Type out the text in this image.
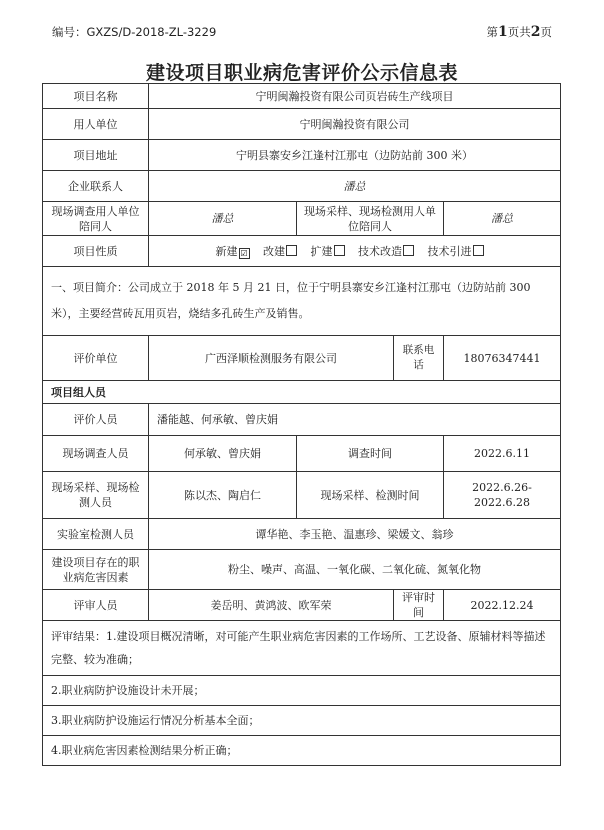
编号：GXZS/D-2018-ZL-3229	第1页共2页
建设项目职业病危害评价公示信息表
项目名称	宁明闽瀚投资有限公司页岩砖生产线项目			
用人单位	宁明闽瀚投资有限公司			
项目地址	宁明县寨安乡江逢村江那屯（边防站前 300 米）			
企业联系人	潘总			
现场调查用人单位陪同人	潘总	现场采样、现场检测用人单位陪同人		潘总
项目性质	新建 ☑ 改建 扩建 技术改造 技术引进			
一、项目简介：公司成立于 2018 年 5 月 21 日，位于宁明县寨安乡江逢村江那屯（边防站前 300 米），主要经营砖瓦用页岩，烧结多孔砖生产及销售。				
评价单位	广西泽顺检测服务有限公司		联系电话	18076347441
项目组人员				
评价人员	潘能越、何承敏、曾庆娟			
现场调查人员	何承敏、曾庆娟	调查时间		2022.6.11
现场采样、现场检测人员	陈以杰、陶启仁	现场采样、检测时间		2022.6.26-2022.6.28
实验室检测人员	谭华艳、李玉艳、温惠珍、梁媛文、翁珍			
建设项目存在的职业病危害因素	粉尘、噪声、高温、一氧化碳、二氧化硫、氮氧化物			
评审人员	姜岳明、黄鸿波、欧军荣		评审时间	2022.12.24
评审结果：1.建设项目概况清晰，对可能产生职业病危害因素的工作场所、工艺设备、原辅材料等描述完整、较为准确；				
2.职业病防护设施设计未开展；				
3.职业病防护设施运行情况分析基本全面；				
4.职业病危害因素检测结果分析正确；				
